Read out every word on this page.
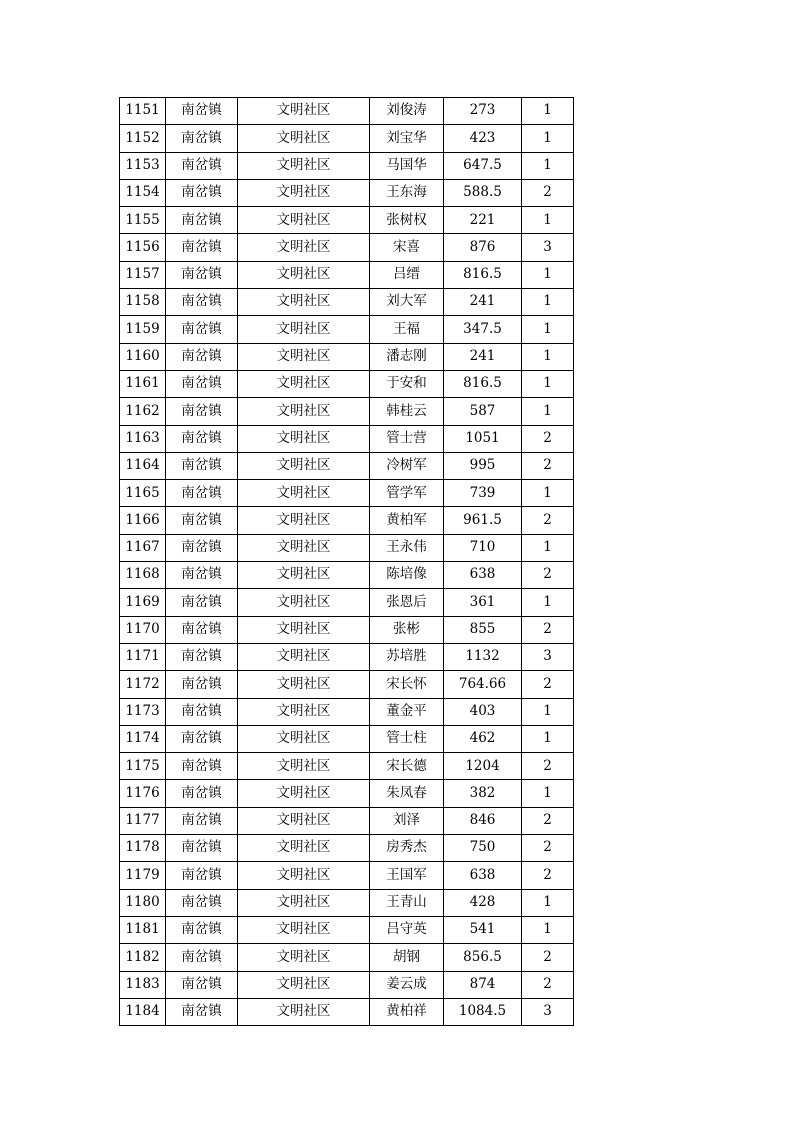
1151	南岔镇	文明社区	刘俊涛	273	1
1152	南岔镇	文明社区	刘宝华	423	1
1153	南岔镇	文明社区	马国华	647.5	1
1154	南岔镇	文明社区	王东海	588.5	2
1155	南岔镇	文明社区	张树权	221	1
1156	南岔镇	文明社区	宋喜	876	3
1157	南岔镇	文明社区	吕缙	816.5	1
1158	南岔镇	文明社区	刘大军	241	1
1159	南岔镇	文明社区	王福	347.5	1
1160	南岔镇	文明社区	潘志刚	241	1
1161	南岔镇	文明社区	于安和	816.5	1
1162	南岔镇	文明社区	韩桂云	587	1
1163	南岔镇	文明社区	管士营	1051	2
1164	南岔镇	文明社区	冷树军	995	2
1165	南岔镇	文明社区	管学军	739	1
1166	南岔镇	文明社区	黄柏军	961.5	2
1167	南岔镇	文明社区	王永伟	710	1
1168	南岔镇	文明社区	陈培像	638	2
1169	南岔镇	文明社区	张恩后	361	1
1170	南岔镇	文明社区	张彬	855	2
1171	南岔镇	文明社区	苏培胜	1132	3
1172	南岔镇	文明社区	宋长怀	764.66	2
1173	南岔镇	文明社区	董金平	403	1
1174	南岔镇	文明社区	管士柱	462	1
1175	南岔镇	文明社区	宋长德	1204	2
1176	南岔镇	文明社区	朱凤春	382	1
1177	南岔镇	文明社区	刘泽	846	2
1178	南岔镇	文明社区	房秀杰	750	2
1179	南岔镇	文明社区	王国军	638	2
1180	南岔镇	文明社区	王青山	428	1
1181	南岔镇	文明社区	吕守英	541	1
1182	南岔镇	文明社区	胡钢	856.5	2
1183	南岔镇	文明社区	姜云成	874	2
1184	南岔镇	文明社区	黄柏祥	1084.5	3
